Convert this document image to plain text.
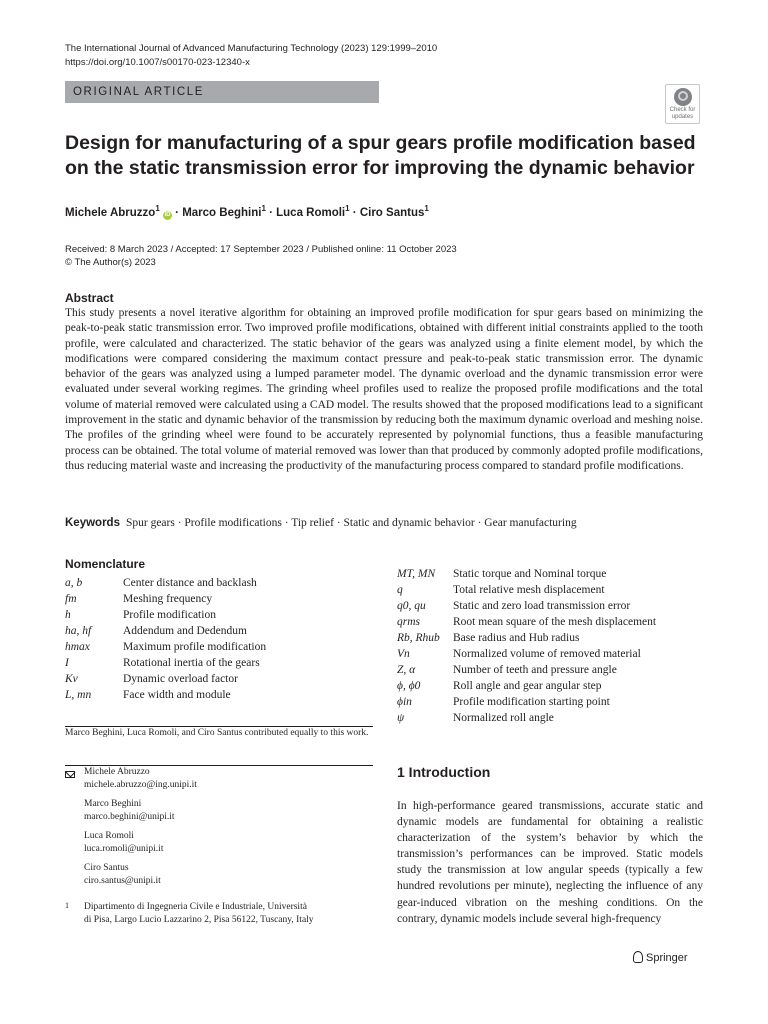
The International Journal of Advanced Manufacturing Technology (2023) 129:1999–2010
https://doi.org/10.1007/s00170-023-12340-x
ORIGINAL ARTICLE
Check for
updates
Design for manufacturing of a spur gears profile modification based
on the static transmission error for improving the dynamic behavior
Michele Abruzzo$^1$ iD · Marco Beghini$^1$ · Luca Romoli$^1$ · Ciro Santus$^1$
Received: 8 March 2023 / Accepted: 17 September 2023 / Published online: 11 October 2023
© The Author(s) 2023
Abstract
This study presents a novel iterative algorithm for obtaining an improved profile modification for spur gears based on minimizing the peak-to-peak static transmission error. Two improved profile modifications, obtained with different initial constraints applied to the tooth profile, were calculated and characterized. The static behavior of the gears was analyzed using a finite element model, by which the modifications were compared considering the maximum contact pressure and peak-to-peak static transmission error. The dynamic behavior of the gears was analyzed using a lumped parameter model. The dynamic overload and the dynamic transmission error were evaluated under several working regimes. The grinding wheel profiles used to realize the proposed profile modifications and the total volume of material removed were calculated using a CAD model. The results showed that the proposed modifications lead to a significant improvement in the static and dynamic behavior of the transmission by reducing both the maximum dynamic overload and meshing noise. The profiles of the grinding wheel were found to be accurately represented by polynomial functions, thus a feasible manufacturing process can be obtained. The total volume of material removed was lower than that produced by commonly adopted profile modifications, thus reducing material waste and increasing the productivity of the manufacturing process compared to standard profile modifications.
Keywords Spur gears · Profile modifications · Tip relief · Static and dynamic behavior · Gear manufacturing
Nomenclature
a, b	Center distance and backlash
fm	Meshing frequency
h	Profile modification
ha, hf	Addendum and Dedendum
hmax	Maximum profile modification
I	Rotational inertia of the gears
Kv	Dynamic overload factor
L, mn	Face width and module
MT, MN	Static torque and Nominal torque
q	Total relative mesh displacement
q0, qu	Static and zero load transmission error
qrms	Root mean square of the mesh displacement
Rb, Rhub	Base radius and Hub radius
Vn	Normalized volume of removed material
Z, α	Number of teeth and pressure angle
ϕ, ϕ0	Roll angle and gear angular step
ϕin	Profile modification starting point
ψ	Normalized roll angle
Marco Beghini, Luca Romoli, and Ciro Santus contributed equally to this work.
Michele Abruzzo
michele.abruzzo@ing.unipi.it
Marco Beghini
marco.beghini@unipi.it
Luca Romoli
luca.romoli@unipi.it
Ciro Santus
ciro.santus@unipi.it
1 Dipartimento di Ingegneria Civile e Industriale, Università
di Pisa, Largo Lucio Lazzarino 2, Pisa 56122, Tuscany, Italy
1 Introduction
In high-performance geared transmissions, accurate static and dynamic models are fundamental for obtaining a realistic characterization of the system’s behavior by which the transmission’s performances can be improved. Static models study the transmission at low angular speeds (typically a few hundred revolutions per minute), neglecting the influence of any gear-induced vibration on the meshing conditions. On the contrary, dynamic models include several high-frequency
Springer
